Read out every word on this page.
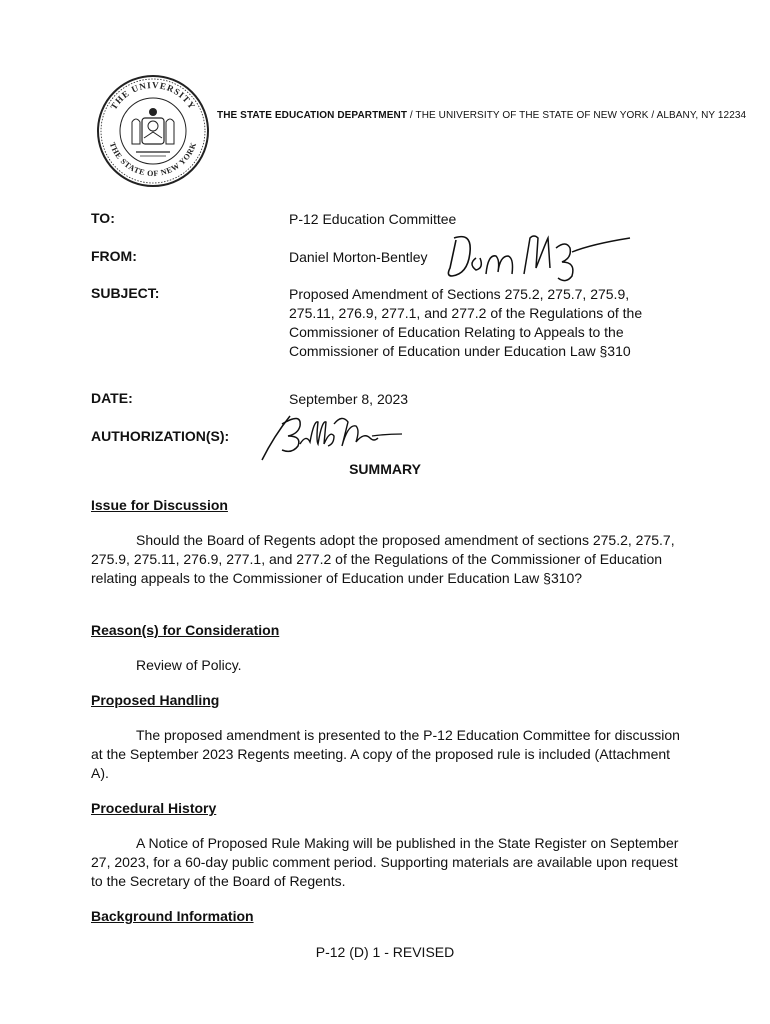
THE UNIVERSITY
THE STATE OF NEW YORK
THE STATE EDUCATION DEPARTMENT / THE UNIVERSITY OF THE STATE OF NEW YORK / ALBANY, NY 12234
TO:	P-12 Education Committee
FROM:	Daniel Morton-Bentley
SUBJECT:	Proposed Amendment of Sections 275.2, 275.7, 275.9, 275.11, 276.9, 277.1, and 277.2 of the Regulations of the Commissioner of Education Relating to Appeals to the Commissioner of Education under Education Law §310
DATE:	September 8, 2023
AUTHORIZATION(S):
SUMMARY
Issue for Discussion

Should the Board of Regents adopt the proposed amendment of sections 275.2, 275.7, 275.9, 275.11, 276.9, 277.1, and 277.2 of the Regulations of the Commissioner of Education relating appeals to the Commissioner of Education under Education Law §310?

Reason(s) for Consideration

Review of Policy.

Proposed Handling

The proposed amendment is presented to the P-12 Education Committee for discussion at the September 2023 Regents meeting. A copy of the proposed rule is included (Attachment A).

Procedural History

A Notice of Proposed Rule Making will be published in the State Register on September 27, 2023, for a 60-day public comment period. Supporting materials are available upon request to the Secretary of the Board of Regents.

Background Information
P-12 (D) 1 - REVISED
